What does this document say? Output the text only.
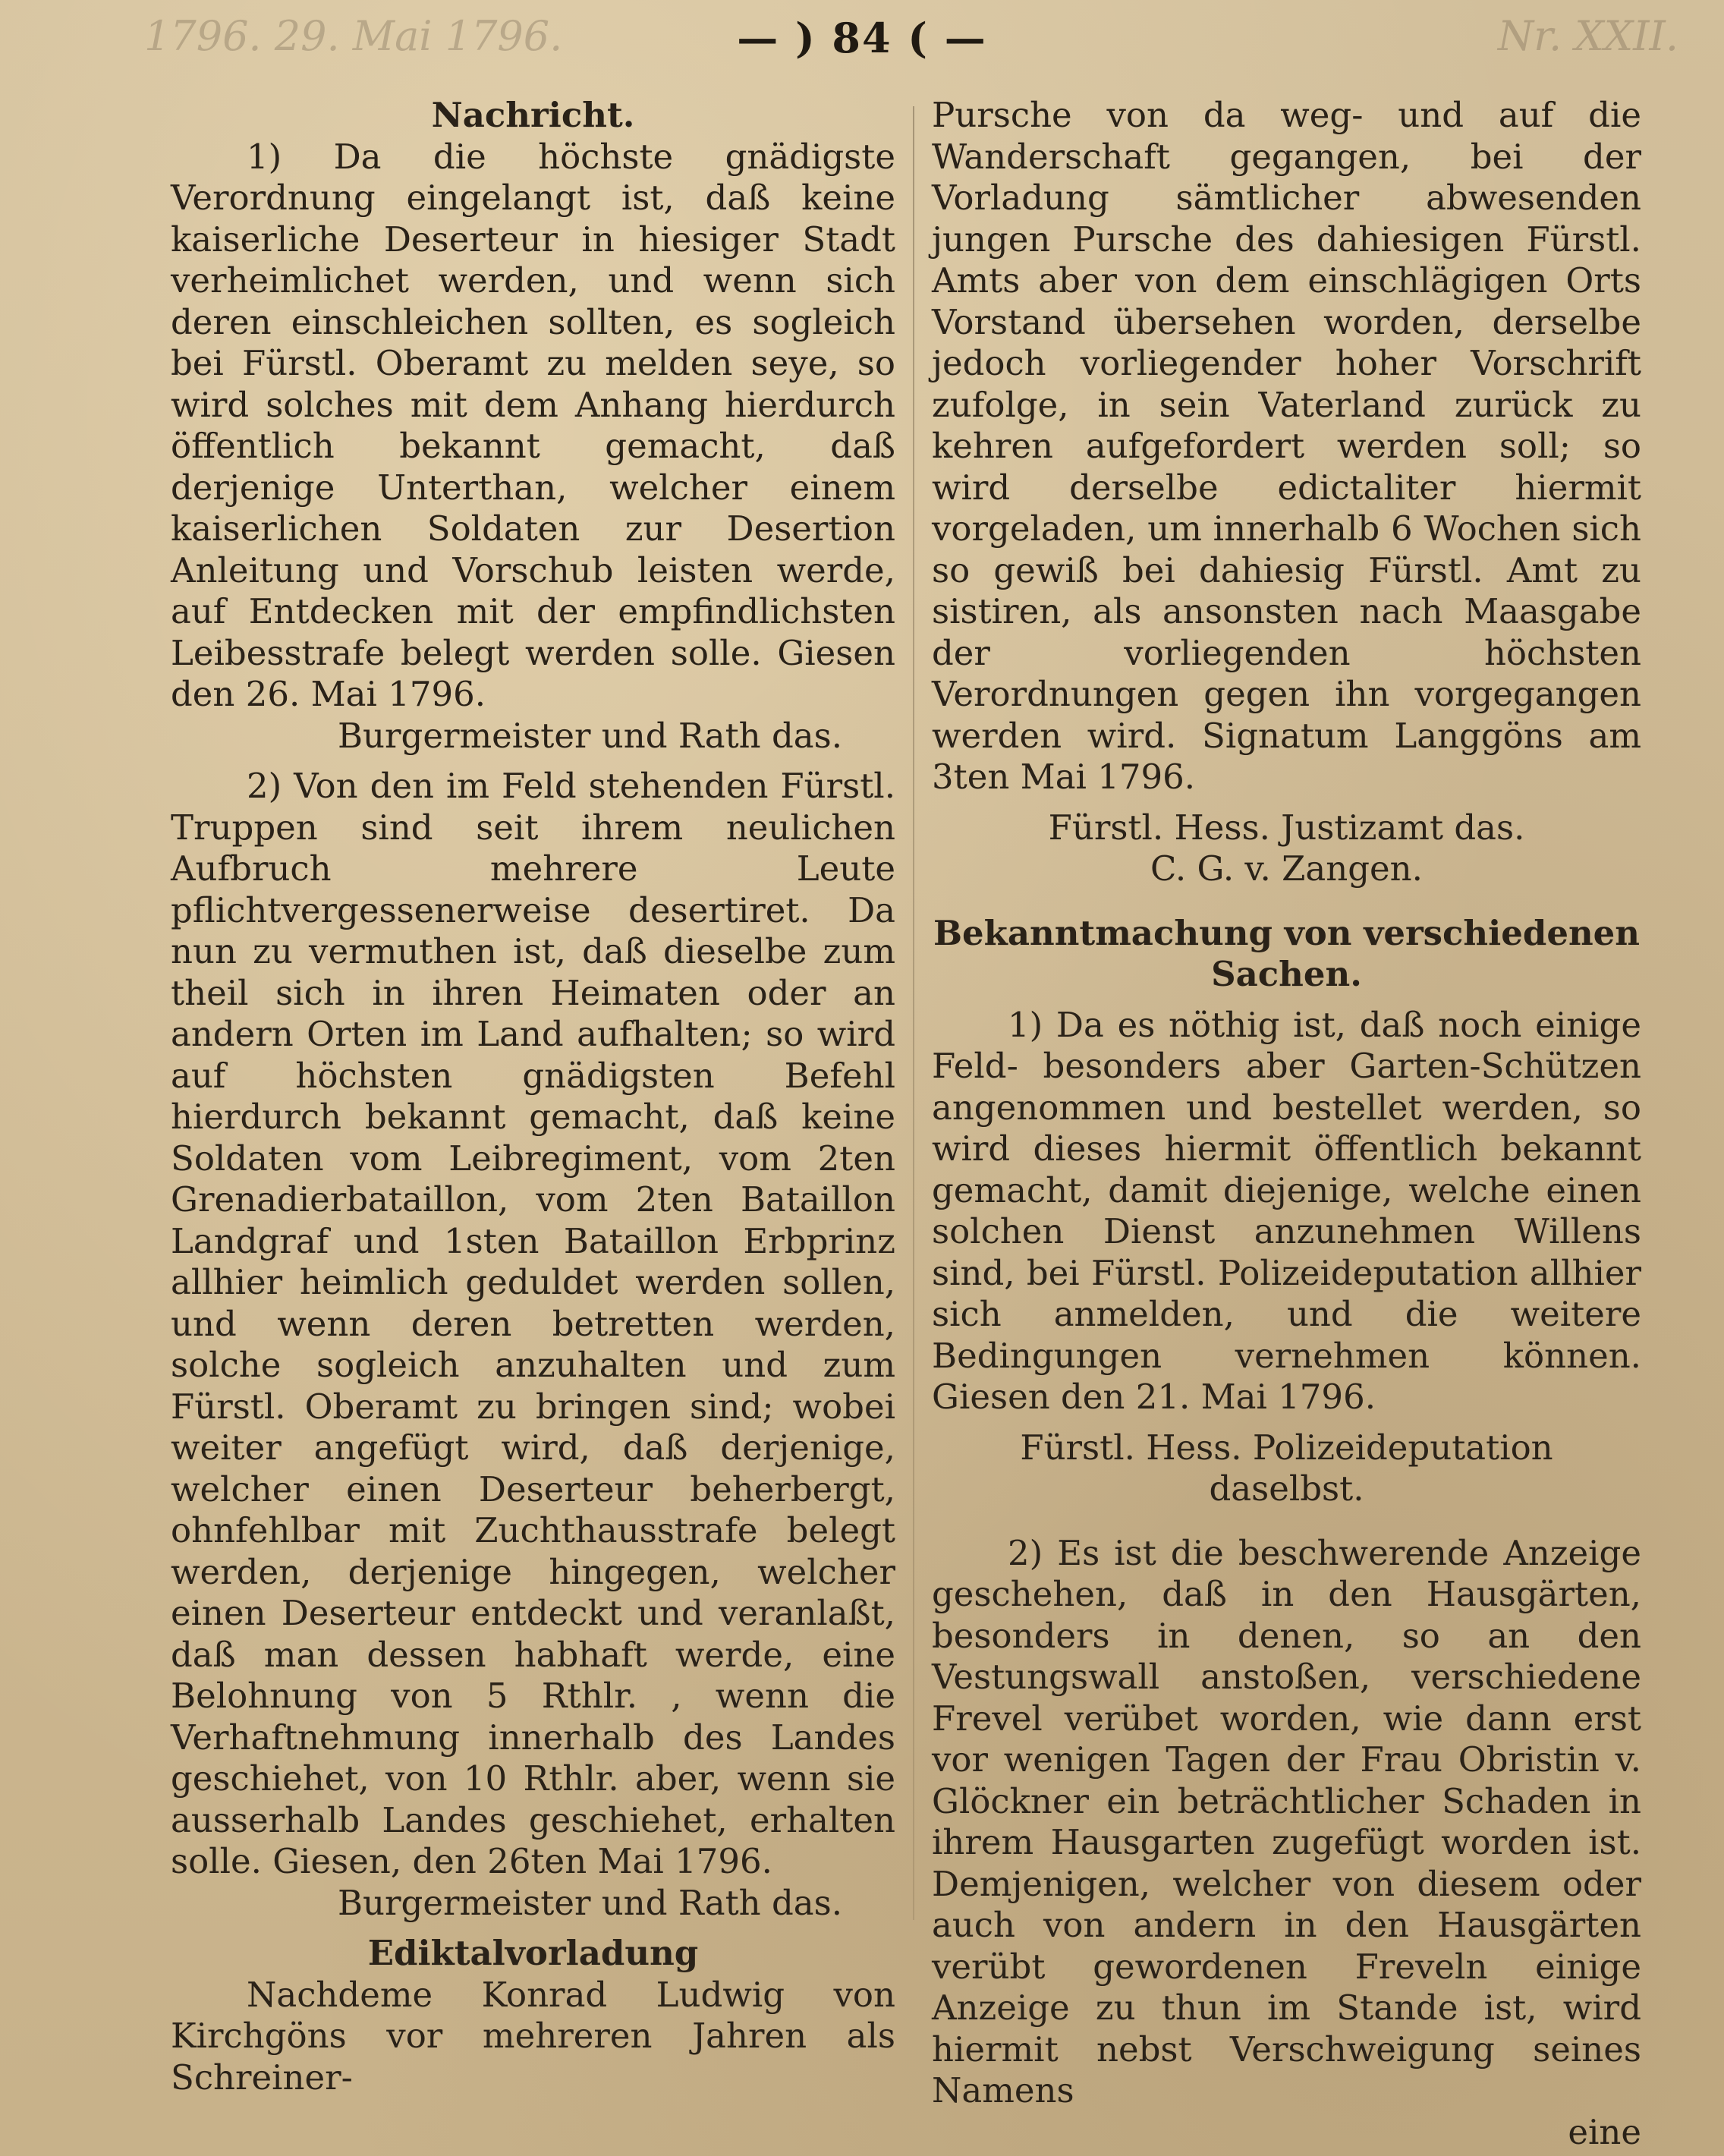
1796. 29. Mai 1796.	— ) 84 ( —	Nr. XXII.

Nachricht.

1) Da die höchste gnädigste Verordnung eingelangt ist, daß keine kaiserliche Deserteur in hiesiger Stadt verheimlichet werden, und wenn sich deren einschleichen sollten, es sogleich bei Fürstl. Oberamt zu melden seye, so wird solches mit dem Anhang hierdurch öffentlich bekannt gemacht, daß derjenige Unterthan, welcher einem kaiserlichen Soldaten zur Desertion Anleitung und Vorschub leisten werde, auf Entdecken mit der empfindlichsten Leibesstrafe belegt werden solle. Giesen den 26. Mai 1796.

Burgermeister und Rath das.

2) Von den im Feld stehenden Fürstl. Truppen sind seit ihrem neulichen Aufbruch mehrere Leute pflichtvergessenerweise desertiret. Da nun zu vermuthen ist, daß dieselbe zum theil sich in ihren Heimaten oder an andern Orten im Land aufhalten; so wird auf höchsten gnädigsten Befehl hierdurch bekannt gemacht, daß keine Soldaten vom Leibregiment, vom 2ten Grenadierbataillon, vom 2ten Bataillon Landgraf und 1sten Bataillon Erbprinz allhier heimlich geduldet werden sollen, und wenn deren betretten werden, solche sogleich anzuhalten und zum Fürstl. Oberamt zu bringen sind; wobei weiter angefügt wird, daß derjenige, welcher einen Deserteur beherbergt, ohnfehlbar mit Zuchthausstrafe belegt werden, derjenige hingegen, welcher einen Deserteur entdeckt und veranlaßt, daß man dessen habhaft werde, eine Belohnung von 5 Rthlr. , wenn die Verhaftnehmung innerhalb des Landes geschiehet, von 10 Rthlr. aber, wenn sie ausserhalb Landes geschiehet, erhalten solle. Giesen, den 26ten Mai 1796.

Burgermeister und Rath das.

Ediktalvorladung

Nachdeme Konrad Ludwig von Kirchgöns vor mehreren Jahren als Schreiner-

Pursche von da weg- und auf die Wanderschaft gegangen, bei der Vorladung sämtlicher abwesenden jungen Pursche des dahiesigen Fürstl. Amts aber von dem einschlägigen Orts Vorstand übersehen worden, derselbe jedoch vorliegender hoher Vorschrift zufolge, in sein Vaterland zurück zu kehren aufgefordert werden soll; so wird derselbe edictaliter hiermit vorgeladen, um innerhalb 6 Wochen sich so gewiß bei dahiesig Fürstl. Amt zu sistiren, als ansonsten nach Maasgabe der vorliegenden höchsten Verordnungen gegen ihn vorgegangen werden wird. Signatum Langgöns am 3ten Mai 1796.

Fürstl. Hess. Justizamt das.

C. G. v. Zangen.

Bekanntmachung von verschiedenen Sachen.

1) Da es nöthig ist, daß noch einige Feld- besonders aber Garten-Schützen angenommen und bestellet werden, so wird dieses hiermit öffentlich bekannt gemacht, damit diejenige, welche einen solchen Dienst anzunehmen Willens sind, bei Fürstl. Polizeideputation allhier sich anmelden, und die weitere Bedingungen vernehmen können. Giesen den 21. Mai 1796.

Fürstl. Hess. Polizeideputation

daselbst.

2) Es ist die beschwerende Anzeige geschehen, daß in den Hausgärten, besonders in denen, so an den Vestungswall anstoßen, verschiedene Frevel verübet worden, wie dann erst vor wenigen Tagen der Frau Obristin v. Glöckner ein beträchtlicher Schaden in ihrem Hausgarten zugefügt worden ist. Demjenigen, welcher von diesem oder auch von andern in den Hausgärten verübt gewordenen Freveln einige Anzeige zu thun im Stande ist, wird hiermit nebst Verschweigung seines Namens

eine
